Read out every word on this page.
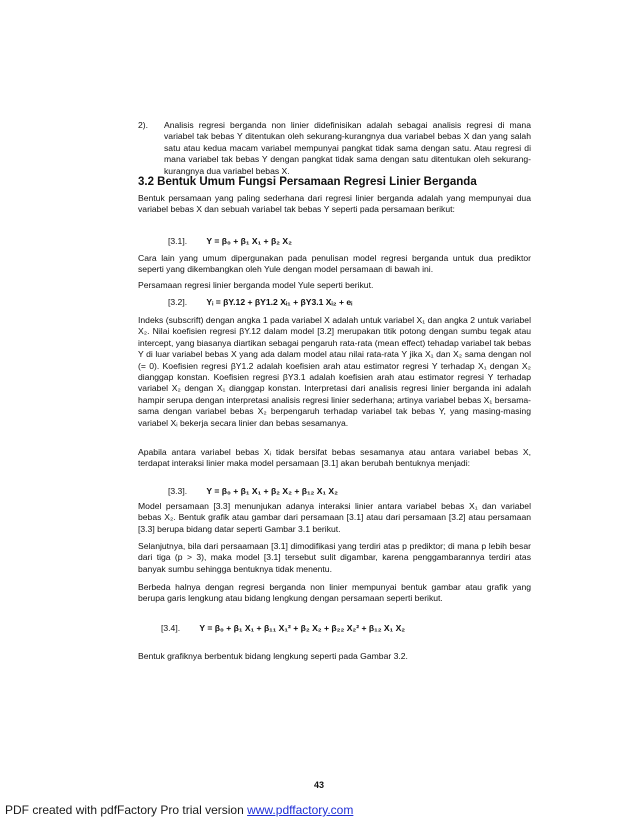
2). Analisis regresi berganda non linier didefinisikan adalah sebagai analisis regresi di mana variabel tak bebas Y ditentukan oleh sekurang-kurangnya dua variabel bebas X dan yang salah satu atau kedua macam variabel mempunyai pangkat tidak sama dengan satu. Atau regresi di mana variabel tak bebas Y dengan pangkat tidak sama dengan satu ditentukan oleh sekurang-kurangnya dua variabel bebas X.
3.2 Bentuk Umum Fungsi Persamaan Regresi Linier Berganda

Bentuk persamaan yang paling sederhana dari regresi linier berganda adalah yang mempunyai dua variabel bebas X dan sebuah variabel tak bebas Y seperti pada persamaan berikut:

[3.1]. Y = β₀ + β₁ X₁ + β₂ X₂

Cara lain yang umum dipergunakan pada penulisan model regresi berganda untuk dua prediktor seperti yang dikembangkan oleh Yule dengan model persamaan di bawah ini.

Persamaan regresi linier berganda model Yule seperti berikut.

[3.2]. Yᵢ = βY.12 + βY1.2 Xᵢ₁ + βY3.1 Xᵢ₂ + eᵢ

Indeks (subscrift) dengan angka 1 pada variabel X adalah untuk variabel X₁ dan angka 2 untuk variabel X₂. Nilai koefisien regresi βY.12 dalam model [3.2] merupakan titik potong dengan sumbu tegak atau intercept, yang biasanya diartikan sebagai pengaruh rata-rata (mean effect) tehadap variabel tak bebas Y di luar variabel bebas X yang ada dalam model atau nilai rata-rata Y jika X₁ dan X₂ sama dengan nol (= 0). Koefisien regresi βY1.2 adalah koefisien arah atau estimator regresi Y terhadap X₁ dengan X₂ dianggap konstan. Koefisien regresi βY3.1 adalah koefisien arah atau estimator regresi Y terhadap variabel X₂ dengan X₁ dianggap konstan. Interpretasi dari analisis regresi linier berganda ini adalah hampir serupa dengan interpretasi analisis regresi linier sederhana; artinya variabel bebas X₁ bersama-sama dengan variabel bebas X₂ berpengaruh terhadap variabel tak bebas Y, yang masing-masing variabel Xᵢ bekerja secara linier dan bebas sesamanya.

Apabila antara variabel bebas Xᵢ tidak bersifat bebas sesamanya atau antara variabel bebas X, terdapat interaksi linier maka model persamaan [3.1] akan berubah bentuknya menjadi:

[3.3]. Y = β₀ + β₁ X₁ + β₂ X₂ + β₁₂ X₁ X₂

Model persamaan [3.3] menunjukan adanya interaksi linier antara variabel bebas X₁ dan variabel bebas X₂. Bentuk grafik atau gambar dari persamaan [3.1] atau dari persamaan [3.2] atau persamaan [3.3] berupa bidang datar seperti Gambar 3.1 berikut.

Selanjutnya, bila dari persaamaan [3.1] dimodifikasi yang terdiri atas p prediktor; di mana p lebih besar dari tiga (p > 3), maka model [3.1] tersebut sulit digambar, karena penggambarannya terdiri atas banyak sumbu sehingga bentuknya tidak menentu.

Berbeda halnya dengan regresi berganda non linier mempunyai bentuk gambar atau grafik yang berupa garis lengkung atau bidang lengkung dengan persamaan seperti berikut.

[3.4]. Y = β₀ + β₁ X₁ + β₁₁ X₁² + β₂ X₂ + β₂₂ X₂² + β₁₂ X₁ X₂

Bentuk grafiknya berbentuk bidang lengkung seperti pada Gambar 3.2.

43
PDF created with pdfFactory Pro trial version www.pdffactory.com
